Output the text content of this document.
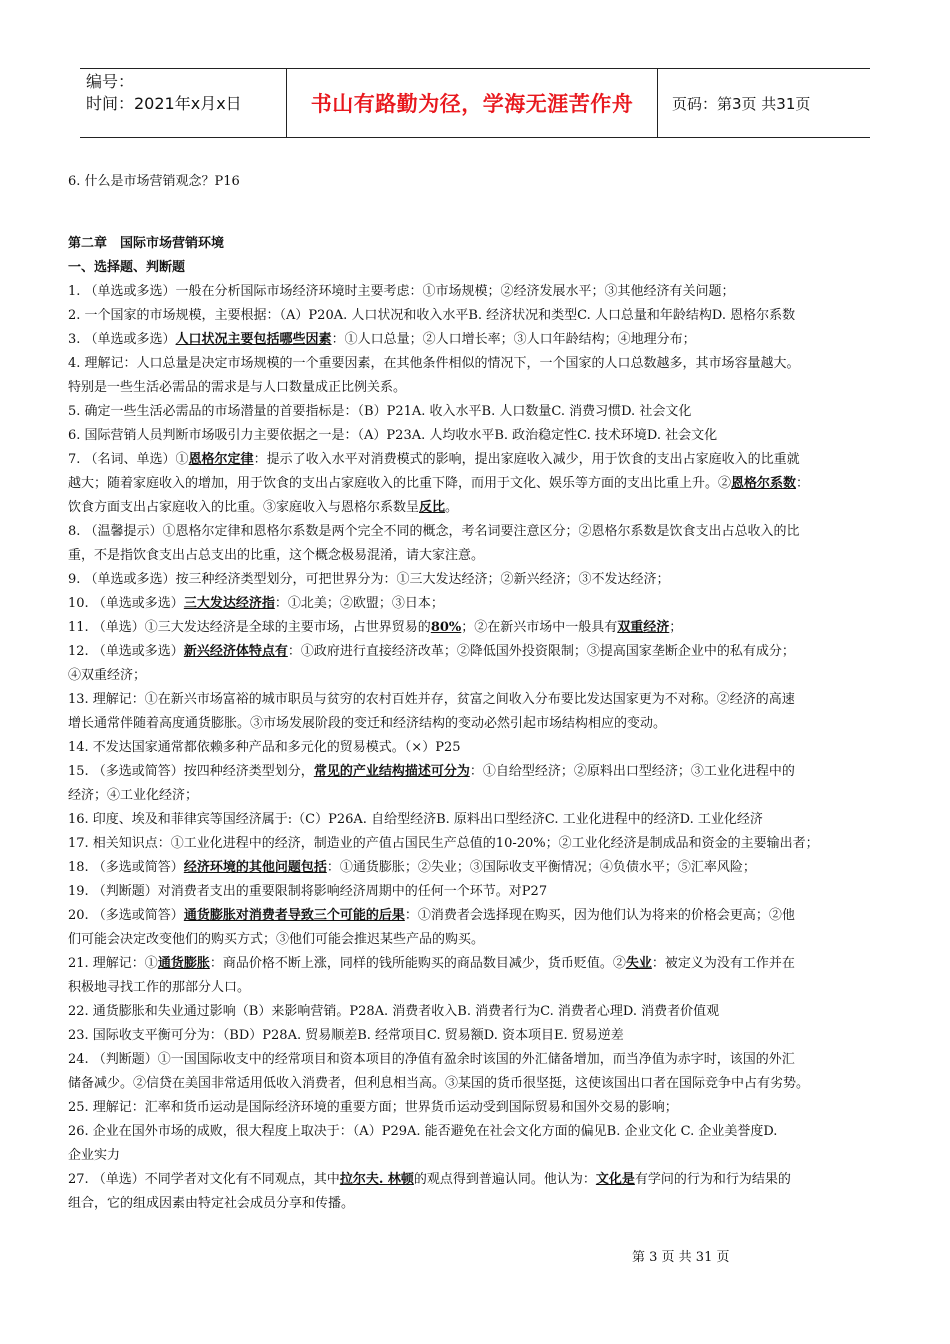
编号：
时间：2021年x月x日	书山有路勤为径，学海无涯苦作舟	页码：第3页 共31页

6. 什么是市场营销观念？P16

第二章　国际市场营销环境

一、选择题、判断题

1. （单选或多选）一般在分析国际市场经济环境时主要考虑：①市场规模；②经济发展水平；③其他经济有关问题；

2. 一个国家的市场规模，主要根据：（A）P20A. 人口状况和收入水平B. 经济状况和类型C. 人口总量和年龄结构D. 恩格尔系数

3. （单选或多选）人口状况主要包括哪些因素：①人口总量；②人口增长率；③人口年龄结构；④地理分布；

4. 理解记：人口总量是决定市场规模的一个重要因素，在其他条件相似的情况下，一个国家的人口总数越多，其市场容量越大。

特别是一些生活必需品的需求是与人口数量成正比例关系。

5. 确定一些生活必需品的市场潜量的首要指标是：（B）P21A. 收入水平B. 人口数量C. 消费习惯D. 社会文化

6. 国际营销人员判断市场吸引力主要依据之一是：（A）P23A. 人均收水平B. 政治稳定性C. 技术环境D. 社会文化

7. （名词、单选）①恩格尔定律：提示了收入水平对消费模式的影响，提出家庭收入减少，用于饮食的支出占家庭收入的比重就

越大；随着家庭收入的增加，用于饮食的支出占家庭收入的比重下降，而用于文化、娱乐等方面的支出比重上升。②恩格尔系数：

饮食方面支出占家庭收入的比重。③家庭收入与恩格尔系数呈反比。

8. （温馨提示）①恩格尔定律和恩格尔系数是两个完全不同的概念，考名词要注意区分；②恩格尔系数是饮食支出占总收入的比

重，不是指饮食支出占总支出的比重，这个概念极易混淆，请大家注意。

9. （单选或多选）按三种经济类型划分，可把世界分为：①三大发达经济；②新兴经济；③不发达经济；

10. （单选或多选）三大发达经济指：①北美；②欧盟；③日本；

11. （单选）①三大发达经济是全球的主要市场，占世界贸易的80%；②在新兴市场中一般具有双重经济；

12. （单选或多选）新兴经济体特点有：①政府进行直接经济改革；②降低国外投资限制；③提高国家垄断企业中的私有成分；

④双重经济；

13. 理解记：①在新兴市场富裕的城市职员与贫穷的农村百姓并存，贫富之间收入分布要比发达国家更为不对称。②经济的高速

增长通常伴随着高度通货膨胀。③市场发展阶段的变迁和经济结构的变动必然引起市场结构相应的变动。

14. 不发达国家通常都依赖多种产品和多元化的贸易模式。（×）P25

15. （多选或简答）按四种经济类型划分，常见的产业结构描述可分为：①自给型经济；②原料出口型经济；③工业化进程中的

经济；④工业化经济；

16. 印度、埃及和菲律宾等国经济属于:（C）P26A. 自给型经济B. 原料出口型经济C. 工业化进程中的经济D. 工业化经济

17. 相关知识点：①工业化进程中的经济，制造业的产值占国民生产总值的10-20%；②工业化经济是制成品和资金的主要输出者；

18. （多选或简答）经济环境的其他问题包括：①通货膨胀；②失业；③国际收支平衡情况；④负债水平；⑤汇率风险；

19. （判断题）对消费者支出的重要限制将影响经济周期中的任何一个环节。对P27

20. （多选或简答）通货膨胀对消费者导致三个可能的后果：①消费者会选择现在购买，因为他们认为将来的价格会更高；②他

们可能会决定改变他们的购买方式；③他们可能会推迟某些产品的购买。

21. 理解记：①通货膨胀：商品价格不断上涨，同样的钱所能购买的商品数目减少，货币贬值。②失业：被定义为没有工作并在

积极地寻找工作的那部分人口。

22. 通货膨胀和失业通过影响（B）来影响营销。P28A. 消费者收入B. 消费者行为C. 消费者心理D. 消费者价值观

23. 国际收支平衡可分为：（BD）P28A. 贸易顺差B. 经常项目C. 贸易额D. 资本项目E. 贸易逆差

24. （判断题）①一国国际收支中的经常项目和资本项目的净值有盈余时该国的外汇储备增加，而当净值为赤字时，该国的外汇

储备减少。②信贷在美国非常适用低收入消费者，但利息相当高。③某国的货币很坚挺，这使该国出口者在国际竞争中占有劣势。

25. 理解记：汇率和货币运动是国际经济环境的重要方面；世界货币运动受到国际贸易和国外交易的影响；

26. 企业在国外市场的成败，很大程度上取决于：（A）P29A. 能否避免在社会文化方面的偏见B. 企业文化 C. 企业美誉度D.

企业实力

27. （单选）不同学者对文化有不同观点，其中拉尔夫. 林顿的观点得到普遍认同。他认为：文化是有学问的行为和行为结果的

组合，它的组成因素由特定社会成员分享和传播。

第 3 页 共 31 页
